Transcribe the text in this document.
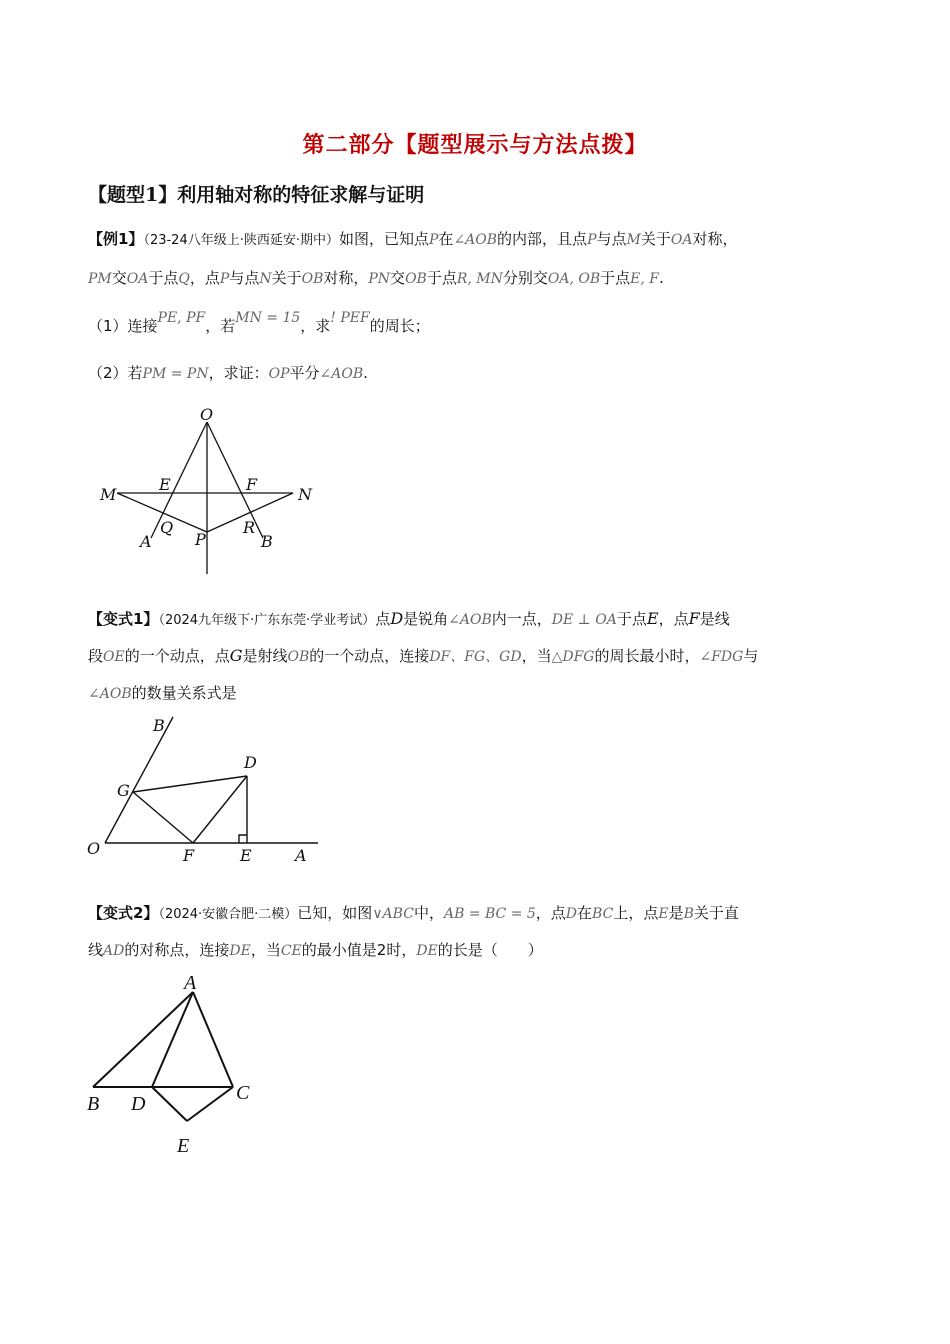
第二部分【题型展示与方法点拨】
【题型1】利用轴对称的特征求解与证明
【例1】（23-24八年级上·陕西延安·期中）如图，已知点P在∠AOB的内部，且点P与点M关于OA对称，
PM交OA于点Q，点P与点N关于OB对称，PN交OB于点R, MN分别交OA, OB于点E, F.
（1）连接PE, PF，若MN = 15，求! PEF的周长；
（2）若PM = PN，求证：OP平分∠AOB.
O
M
E	F
N
Q	R
A	P	B
【变式1】（2024九年级下·广东东莞·学业考试）点D是锐角∠AOB内一点，DE ⊥ OA于点E，点F是线
段OE的一个动点，点G是射线OB的一个动点，连接DF、FG、GD，当△DFG的周长最小时，∠FDG与
∠AOB的数量关系式是
B
D
G
O	F	E	A
【变式2】（2024·安徽合肥·二模）已知，如图∨ABC中，AB = BC = 5，点D在BC上，点E是B关于直
线AD的对称点，连接DE，当CE的最小值是2时，DE的长是（　　）
A
B D	C
E
